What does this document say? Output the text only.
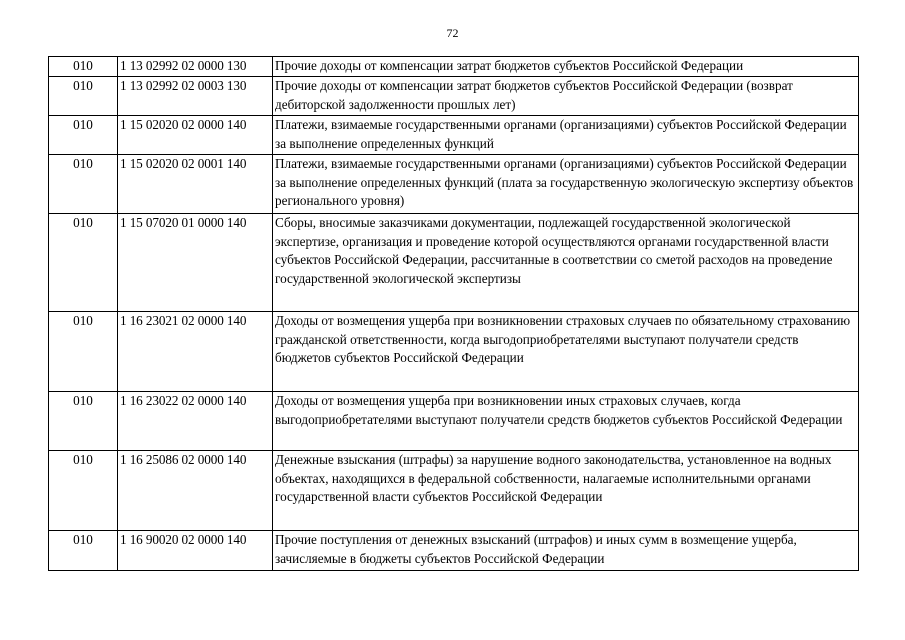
72
010	1 13 02992 02 0000 130	Прочие доходы от компенсации затрат бюджетов субъектов Российской Федерации
010	1 13 02992 02 0003 130	Прочие доходы от компенсации затрат бюджетов субъектов Российской Федерации (возврат дебиторской задолженности прошлых лет)
010	1 15 02020 02 0000 140	Платежи, взимаемые государственными органами (организациями) субъектов Российской Федерации за выполнение определенных функций
010	1 15 02020 02 0001 140	Платежи, взимаемые государственными органами (организациями) субъектов Российской Федерации за выполнение определенных функций (плата за государственную экологическую экспертизу объектов регионального уровня)
010	1 15 07020 01 0000 140	Сборы, вносимые заказчиками документации, подлежащей государственной экологической экспертизе, организация и проведение которой осуществляются органами государственной власти субъектов Российской Федерации, рассчитанные в соответствии со сметой расходов на проведение государственной экологической экспертизы
010	1 16 23021 02 0000 140	Доходы от возмещения ущерба при возникновении страховых случаев по обязательному страхованию гражданской ответственности, когда выгодоприобретателями выступают получатели средств бюджетов субъектов Российской Федерации
010	1 16 23022 02 0000 140	Доходы от возмещения ущерба при возникновении иных страховых случаев, когда выгодоприобретателями выступают получатели средств бюджетов субъектов Российской Федерации
010	1 16 25086 02 0000 140	Денежные взыскания (штрафы) за нарушение водного законодательства, установленное на водных объектах, находящихся в федеральной собственности, налагаемые исполнительными органами государственной власти субъектов Российской Федерации
010	1 16 90020 02 0000 140	Прочие поступления от денежных взысканий (штрафов) и иных сумм в возмещение ущерба, зачисляемые в бюджеты субъектов Российской Федерации
